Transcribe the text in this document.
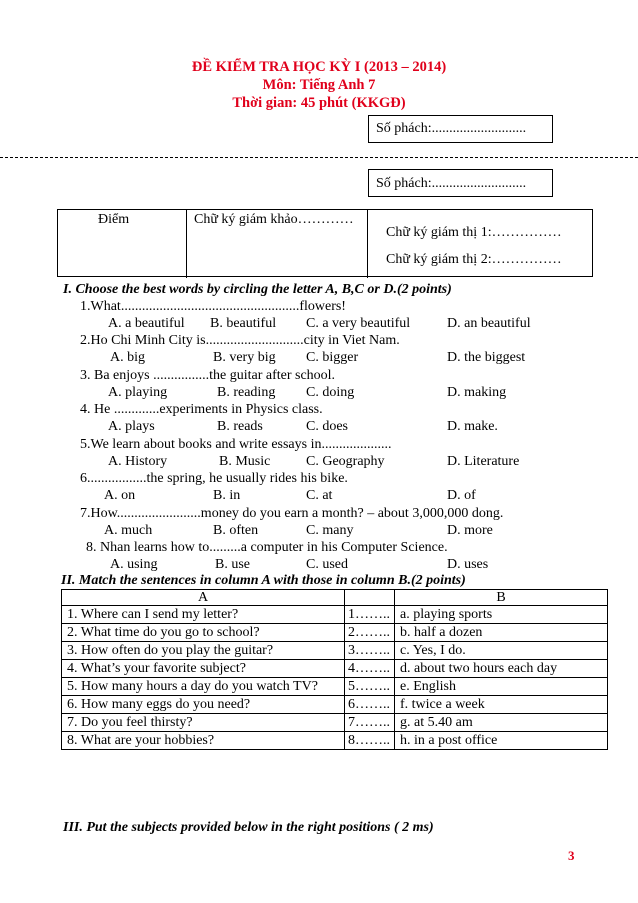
ĐỀ KIỂM TRA HỌC KỲ I (2013 – 2014)
Môn: Tiếng Anh 7
Thời gian: 45 phút (KKGĐ)
Số phách:...........................
Số phách:...........................
Điểm	Chữ ký giám khảo…………
Chữ ký giám thị 1:……………
Chữ ký giám thị 2:……………
I. Choose the best words by circling the letter A, B,C or D.(2 points)
1.What...................................................flowers!
A. a beautiful B. beautiful C. a very beautiful	D. an beautiful
2.Ho Chi Minh City is............................city in Viet Nam.
A. big	B. very big C. bigger	D. the biggest
3. Ba enjoys ................the guitar after school.
A. playing	B. reading C. doing	D. making
4. He .............experiments in Physics class.
A. plays	B. reads	C. does	D. make.
5.We learn about books and write essays in....................
A. History	B. Music	C. Geography	D. Literature
6.................the spring, he usually rides his bike.
A. on	B. in	C. at	D. of
7.How........................money do you earn a month? – about 3,000,000 dong.
A. much	B. often	C. many	D. more
8. Nhan learns how to.........a computer in his Computer Science.
A. using	B. use	C. used	D. uses
II. Match the sentences in column A with those in column B.(2 points)
A		B
1. Where can I send my letter?	1……..	a. playing sports
2. What time do you go to school?	2……..	b. half a dozen
3. How often do you play the guitar?	3……..	c. Yes, I do.
4. What’s your favorite subject?	4……..	d. about two hours each day
5. How many hours a day do you watch TV?	5……..	e. English
6. How many eggs do you need?	6……..	f. twice a week
7. Do you feel thirsty?	7……..	g. at 5.40 am
8. What are your hobbies?	8……..	h. in a post office
III. Put the subjects provided below in the right positions ( 2 ms)
3
